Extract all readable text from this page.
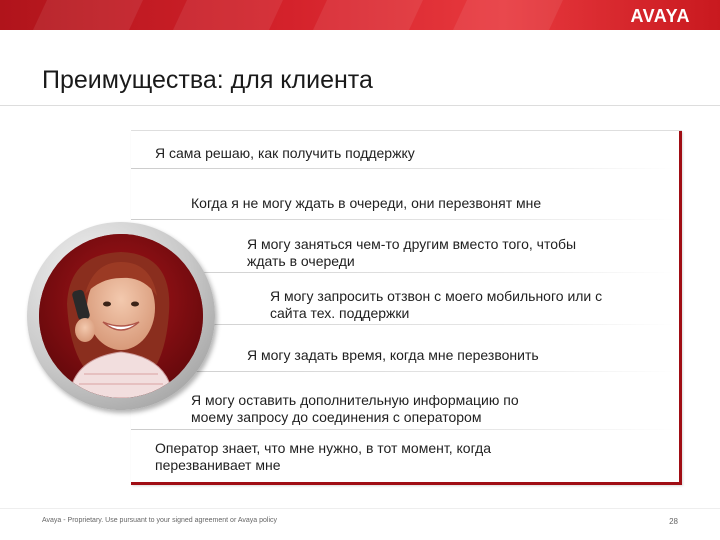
AVAYA
Преимущества: для клиента
Я сама решаю, как получить поддержку
Когда я не могу ждать в очереди, они перезвонят мне
Я могу заняться чем-то другим вместо того, чтобы
ждать в очереди
Я могу запросить отзвон с моего мобильного или с
сайта тех. поддержки
Я могу задать время, когда мне перезвонить
Я могу оставить дополнительную информацию по
моему запросу до соединения с оператором
Оператор знает, что мне нужно, в тот момент, когда
перезванивает мне
Avaya - Proprietary. Use pursuant to your signed agreement or Avaya policy	28
